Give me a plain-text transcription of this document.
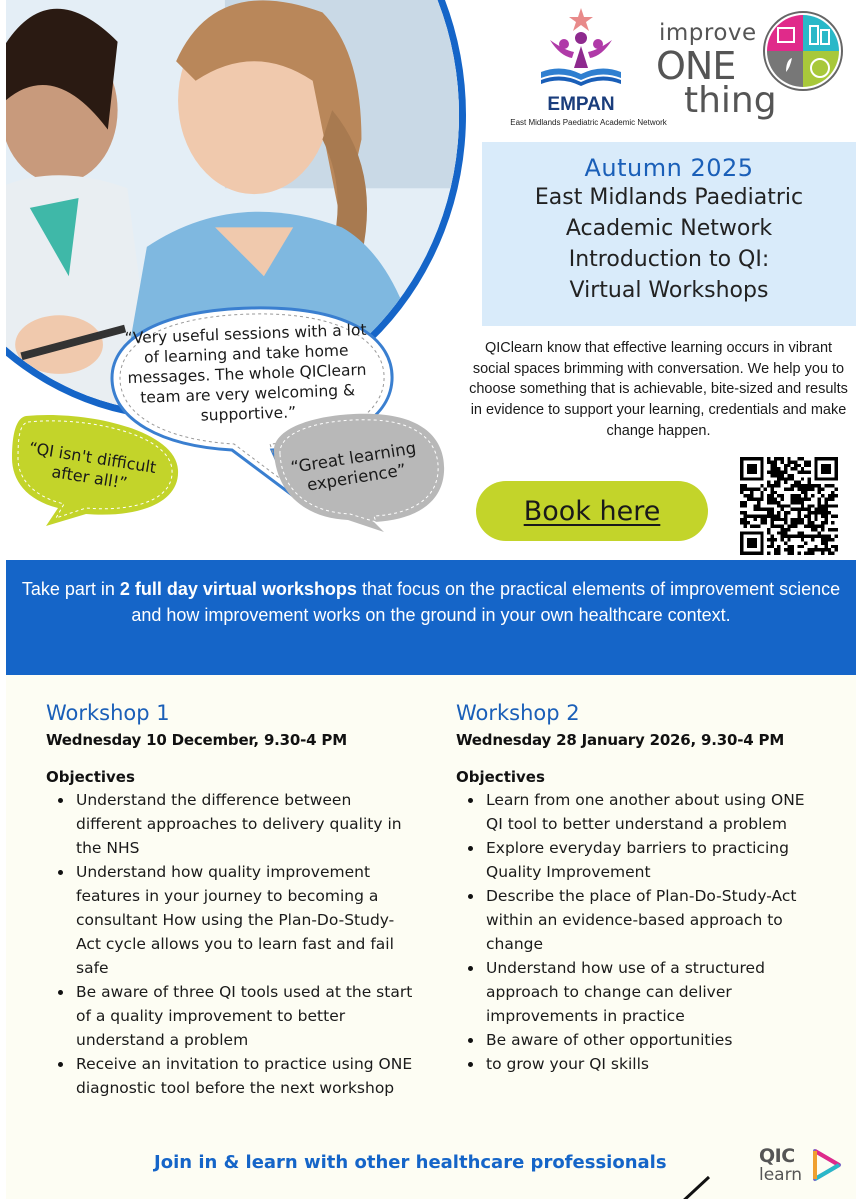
EMPAN
East Midlands Paediatric Academic Network
improve
ONE
thing
Autumn 2025
East Midlands Paediatric
Academic Network
Introduction to QI:
Virtual Workshops
QIClearn know that effective learning occurs in vibrant social spaces brimming with conversation. We help you to choose something that is achievable, bite-sized and results in evidence to support your learning, credentials and make change happen.
Book here
“Very useful sessions with a lot of learning and take home messages. The whole QIClearn team are very welcoming & supportive.”
“QI isn't difficult after all!”
“Great learning experience”
Take part in 2 full day virtual workshops that focus on the practical elements of improvement science and how improvement works on the ground in your own healthcare context.
Workshop 1
Wednesday 10 December, 9.30-4 PM
Objectives
Understand the difference between different approaches to delivery quality in the NHS
Understand how quality improvement features in your journey to becoming a consultant How using the Plan-Do-Study-Act cycle allows you to learn fast and fail safe
Be aware of three QI tools used at the start of a quality improvement to better understand a problem
Receive an invitation to practice using ONE diagnostic tool before the next workshop
Workshop 2
Wednesday 28 January 2026, 9.30-4 PM
Objectives
Learn from one another about using ONE QI tool to better understand a problem
Explore everyday barriers to practicing Quality Improvement
Describe the place of Plan-Do-Study-Act within an evidence-based approach to change
Understand how use of a structured approach to change can deliver improvements in practice
Be aware of other opportunities
to grow your QI skills
Join in & learn with other healthcare professionals	QIC
learn
